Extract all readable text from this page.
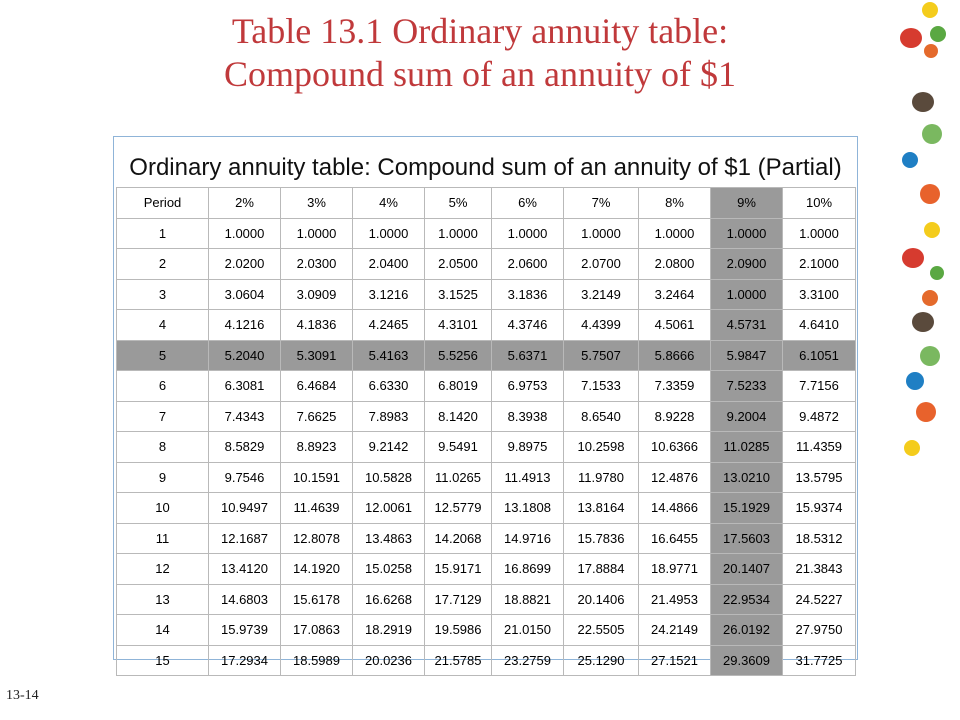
Table 13.1 Ordinary annuity table:
Compound sum of an annuity of $1
Ordinary annuity table: Compound sum of an annuity of $1 (Partial)
Period	2%	3%	4%	5%	6%	7%	8%	9%	10%
1	1.0000	1.0000	1.0000	1.0000	1.0000	1.0000	1.0000	1.0000	1.0000
2	2.0200	2.0300	2.0400	2.0500	2.0600	2.0700	2.0800	2.0900	2.1000
3	3.0604	3.0909	3.1216	3.1525	3.1836	3.2149	3.2464	1.0000	3.3100
4	4.1216	4.1836	4.2465	4.3101	4.3746	4.4399	4.5061	4.5731	4.6410
5	5.2040	5.3091	5.4163	5.5256	5.6371	5.7507	5.8666	5.9847	6.1051
6	6.3081	6.4684	6.6330	6.8019	6.9753	7.1533	7.3359	7.5233	7.7156
7	7.4343	7.6625	7.8983	8.1420	8.3938	8.6540	8.9228	9.2004	9.4872
8	8.5829	8.8923	9.2142	9.5491	9.8975	10.2598	10.6366	11.0285	11.4359
9	9.7546	10.1591	10.5828	11.0265	11.4913	11.9780	12.4876	13.0210	13.5795
10	10.9497	11.4639	12.0061	12.5779	13.1808	13.8164	14.4866	15.1929	15.9374
11	12.1687	12.8078	13.4863	14.2068	14.9716	15.7836	16.6455	17.5603	18.5312
12	13.4120	14.1920	15.0258	15.9171	16.8699	17.8884	18.9771	20.1407	21.3843
13	14.6803	15.6178	16.6268	17.7129	18.8821	20.1406	21.4953	22.9534	24.5227
14	15.9739	17.0863	18.2919	19.5986	21.0150	22.5505	24.2149	26.0192	27.9750
15	17.2934	18.5989	20.0236	21.5785	23.2759	25.1290	27.1521	29.3609	31.7725
13-14
